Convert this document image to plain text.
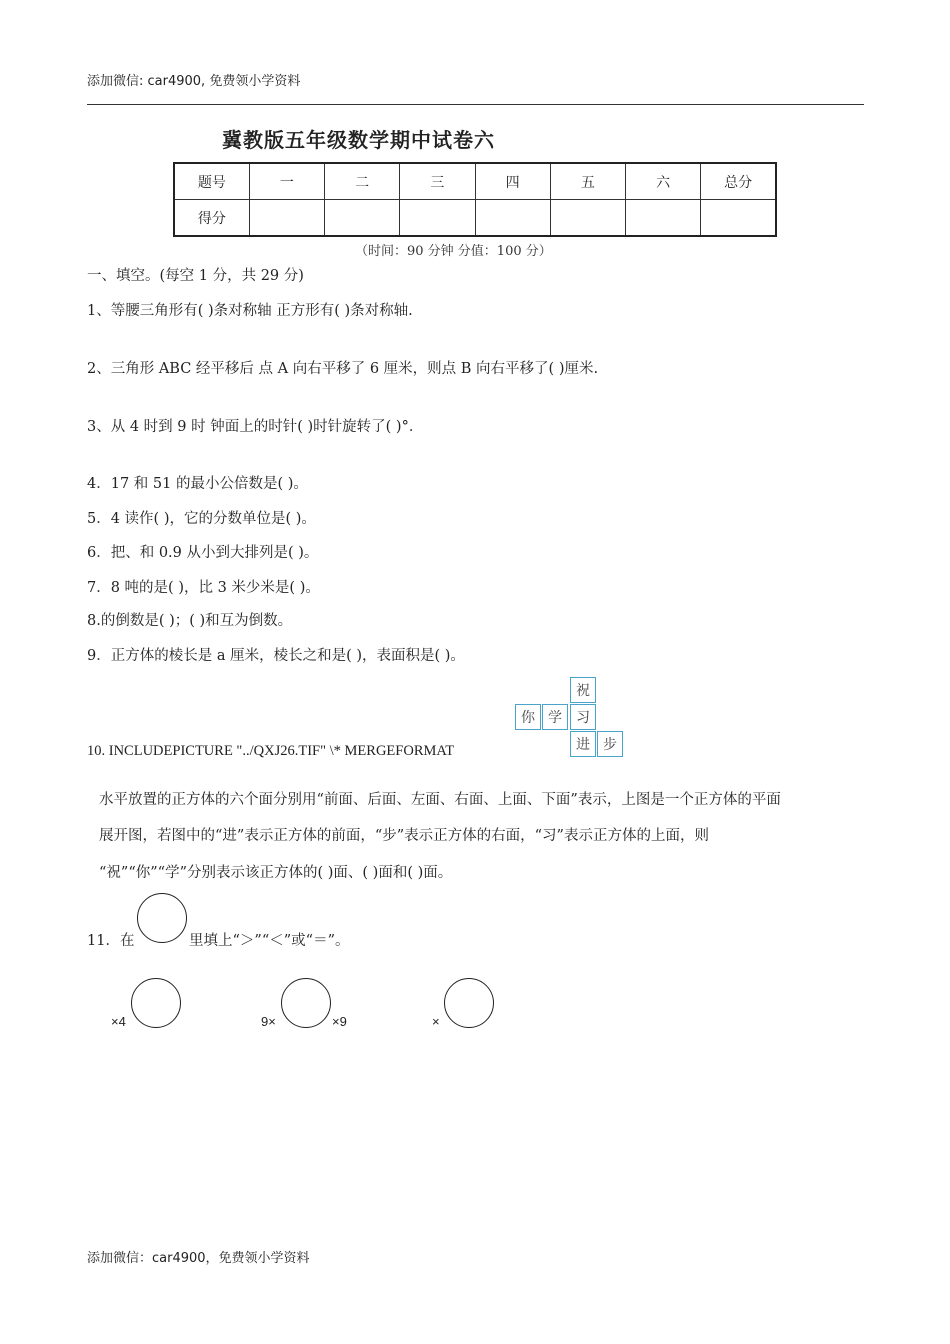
添加微信: car4900, 免费领小学资料
冀教版五年级数学期中试卷六
题号	一	二	三	四	五	六	总分
得分							
（时间：90 分钟 分值：100 分）
一、填空。(每空 1 分，共 29 分)
1、等腰三角形有( )条对称轴 正方形有( )条对称轴.
2、三角形 ABC 经平移后 点 A 向右平移了 6 厘米，则点 B 向右平移了( )厘米.
3、从 4 时到 9 时 钟面上的时针( )时针旋转了( )°．
4．17 和 51 的最小公倍数是( )。
5．4 读作( )，它的分数单位是( )。
6．把、和 0.9 从小到大排列是( )。
7．8 吨的是( )，比 3 米少米是( )。
8.的倒数是( )；( )和互为倒数。
9．正方体的棱长是 a 厘米，棱长之和是( )，表面积是( )。
祝
你 学	习
进 步
10. INCLUDEPICTURE "../QXJ26.TIF" \* MERGEFORMAT
水平放置的正方体的六个面分别用“前面、后面、左面、右面、上面、下面”表示，上图是一个正方体的平面
展开图，若图中的“进”表示正方体的前面，“步”表示正方体的右面，“习”表示正方体的上面，则
“祝”“你”“学”分别表示该正方体的( )面、( )面和( )面。
11．在	里填上“＞”“＜”或“＝”。
×4	9×	×9	×
添加微信：car4900，免费领小学资料
